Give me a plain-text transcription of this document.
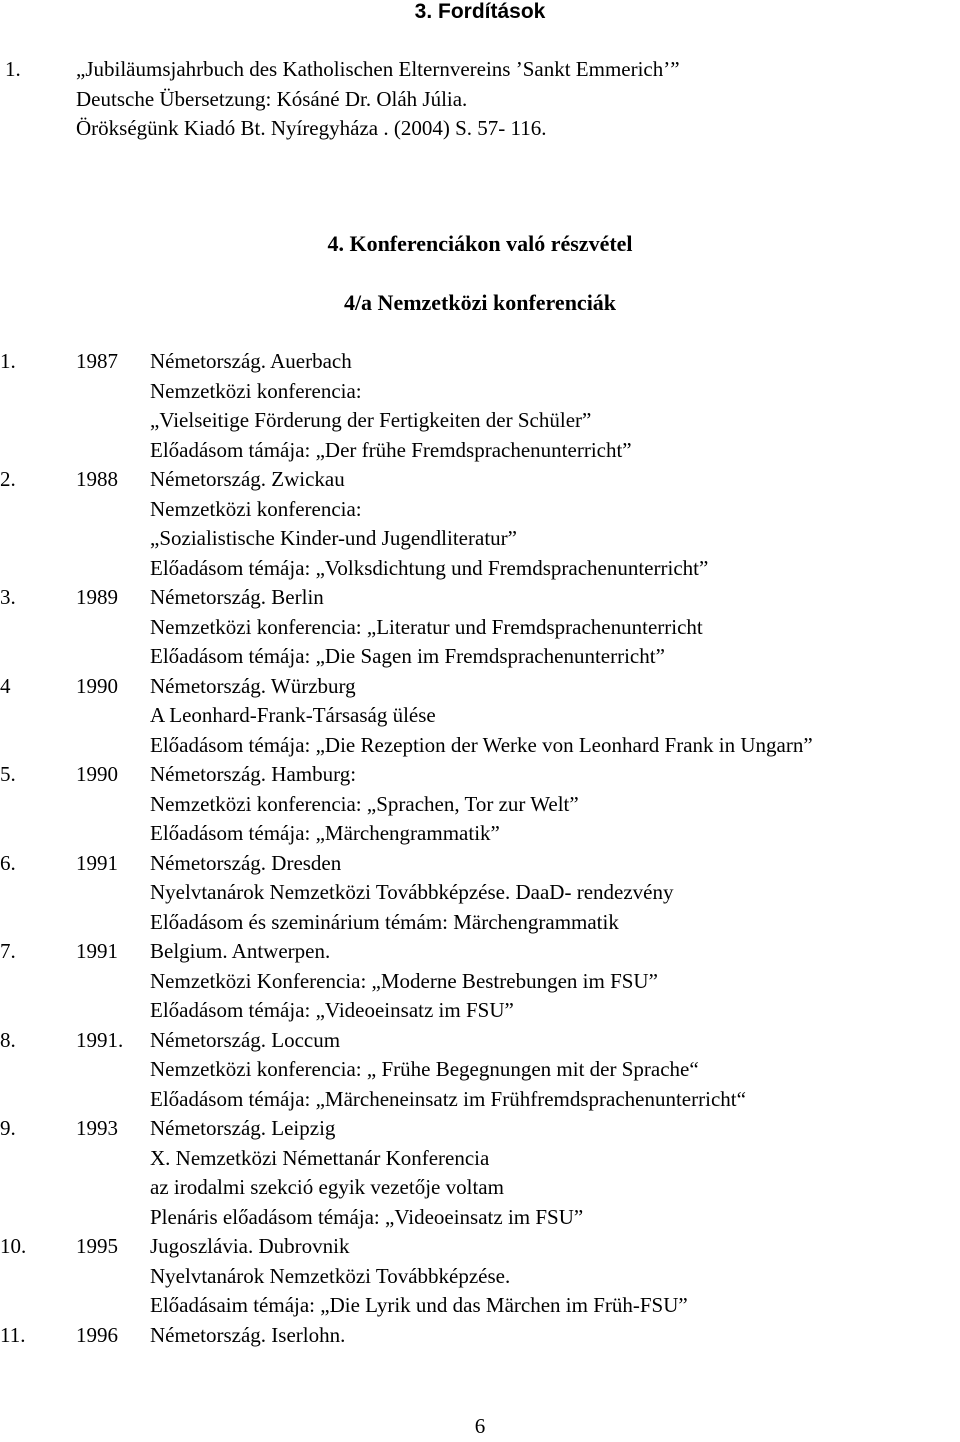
3. Fordítások
1.	„Jubiläumsjahrbuch des Katholischen Elternvereins ’Sankt Emmerich’”
Deutsche Übersetzung: Kósáné Dr. Oláh Júlia.
Örökségünk Kiadó Bt. Nyíregyháza . (2004) S. 57- 116.
4. Konferenciákon való részvétel
4/a Nemzetközi konferenciák
1.	1987 Németország. Auerbach
Nemzetközi konferencia:
„Vielseitige Förderung der Fertigkeiten der Schüler”
Előadásom támája: „Der frühe Fremdsprachenunterricht”
2.	1988 Németország. Zwickau
Nemzetközi konferencia:
„Sozialistische Kinder-und Jugendliteratur”
Előadásom témája: „Volksdichtung und Fremdsprachenunterricht”
3.	1989 Németország. Berlin
Nemzetközi konferencia: „Literatur und Fremdsprachenunterricht
Előadásom témája: „Die Sagen im Fremdsprachenunterricht”
4	1990 Németország. Würzburg
A Leonhard-Frank-Társaság ülése
Előadásom témája: „Die Rezeption der Werke von Leonhard Frank in Ungarn”
5.	1990 Németország. Hamburg:
Nemzetközi konferencia: „Sprachen, Tor zur Welt”
Előadásom témája: „Märchengrammatik”
6.	1991 Németország. Dresden
Nyelvtanárok Nemzetközi Továbbképzése. DaaD- rendezvény
Előadásom és szeminárium témám: Märchengrammatik
7.	1991 Belgium. Antwerpen.
Nemzetközi Konferencia: „Moderne Bestrebungen im FSU”
Előadásom témája: „Videoeinsatz im FSU”
8.	1991. Németország. Loccum
Nemzetközi konferencia: „ Frühe Begegnungen mit der Sprache“
Előadásom témája: „Märcheneinsatz im Frühfremdsprachenunterricht“
9.	1993 Németország. Leipzig
X. Nemzetközi Némettanár Konferencia
az irodalmi szekció egyik vezetője voltam
Plenáris előadásom témája: „Videoeinsatz im FSU”
10. 1995 Jugoszlávia. Dubrovnik
Nyelvtanárok Nemzetközi Továbbképzése.
Előadásaim témája: „Die Lyrik und das Märchen im Früh-FSU”
11. 1996 Németország. Iserlohn.
6
